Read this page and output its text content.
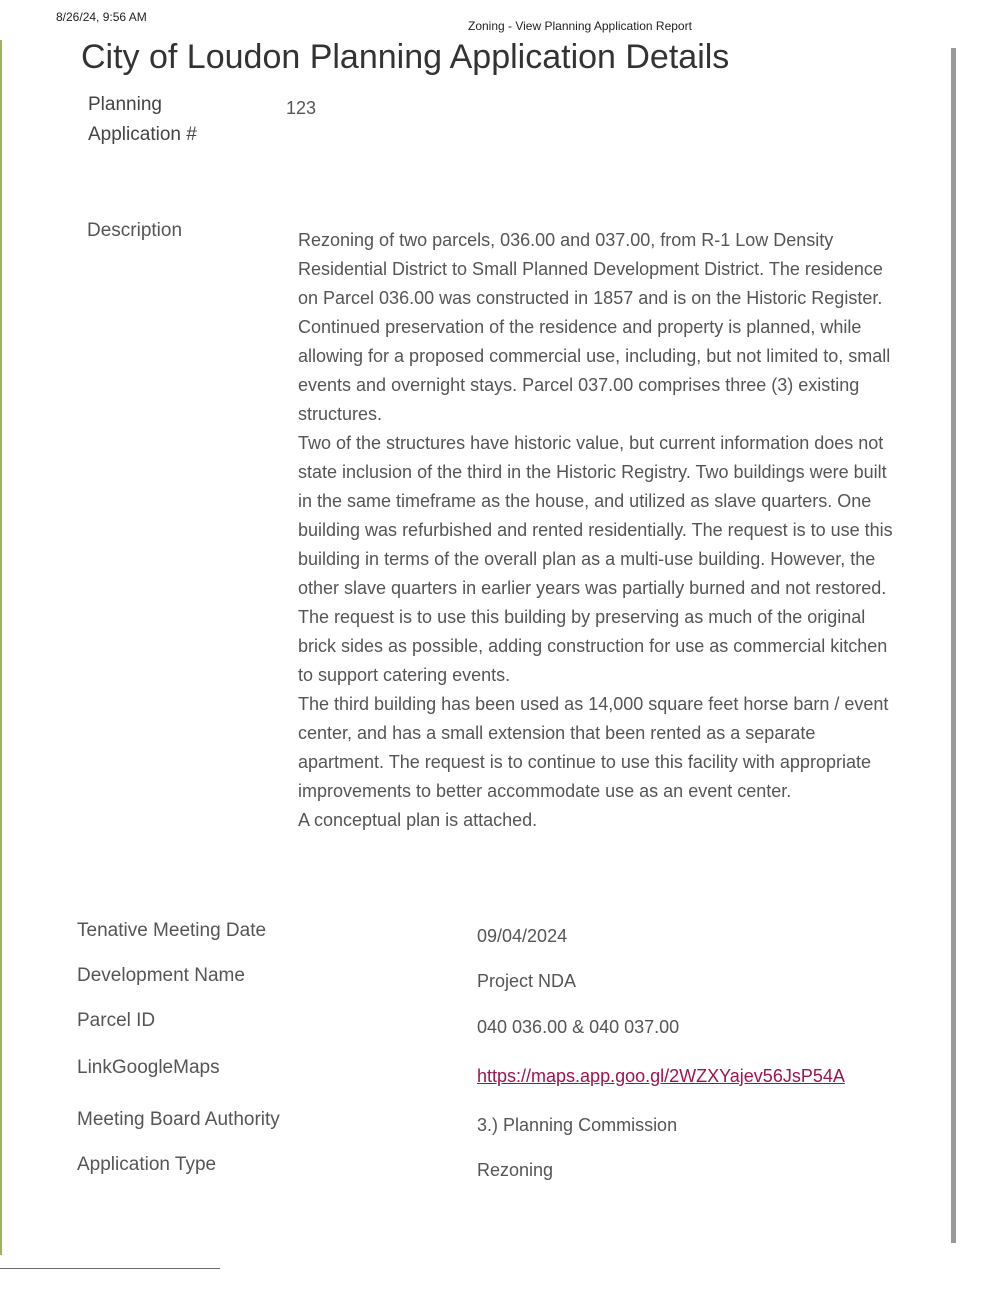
8/26/24, 9:56 AM
Zoning - View Planning Application Report
City of Loudon Planning Application Details
Planning Application #
123
Description	Rezoning of two parcels, 036.00 and 037.00, from R-1 Low Density Residential District to Small Planned Development District. The residence on Parcel 036.00 was constructed in 1857 and is on the Historic Register. Continued preservation of the residence and property is planned, while allowing for a proposed commercial use, including, but not limited to, small events and overnight stays. Parcel 037.00 comprises three (3) existing structures.

Two of the structures have historic value, but current information does not state inclusion of the third in the Historic Registry. Two buildings were built in the same timeframe as the house, and utilized as slave quarters. One building was refurbished and rented residentially. The request is to use this building in terms of the overall plan as a multi-use building. However, the other slave quarters in earlier years was partially burned and not restored. The request is to use this building by preserving as much of the original brick sides as possible, adding construction for use as commercial kitchen to support catering events.

The third building has been used as 14,000 square feet horse barn / event center, and has a small extension that been rented as a separate apartment. The request is to continue to use this facility with appropriate improvements to better accommodate use as an event center.

A conceptual plan is attached.

Tenative Meeting Date	09/04/2024
Development Name	Project NDA
Parcel ID	040 036.00 & 040 037.00
LinkGoogleMaps	https://maps.app.goo.gl/2WZXYajev56JsP54A
Meeting Board Authority	3.) Planning Commission
Application Type	Rezoning
